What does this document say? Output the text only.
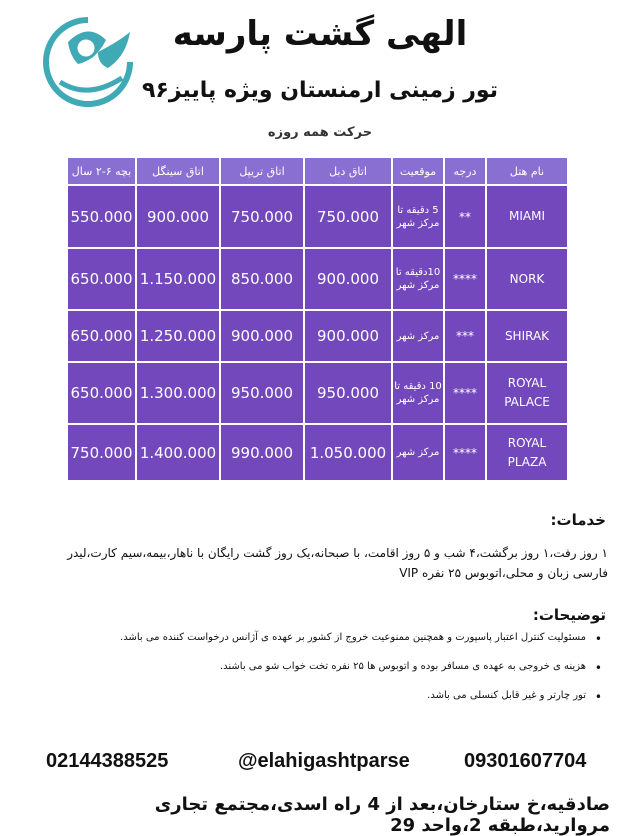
الهی گشت پارسه
تور زمینی ارمنستان ویژه پاییز۹۶
حرکت همه روزه
نام هتل	درجه	موقعیت	اتاق دبل	اتاق تریپل	اتاق سینگل	بچه ۶-۲ سال
MIAMI	**	5 دقیقه تا مرکز شهر	750.000	750.000	900.000	550.000
NORK	****	10دقیقه تا مرکز شهر	900.000	850.000	1.150.000	650.000
SHIRAK	***	مرکز شهر	900.000	900.000	1.250.000	650.000
ROYAL PALACE	****	10 دقیقه تا مرکز شهر	950.000	950.000	1.300.000	650.000
ROYAL PLAZA	****	مرکز شهر	1.050.000	990.000	1.400.000	750.000
خدمات:
۱ روز رفت،۱ روز برگشت،۴ شب و ۵ روز اقامت، با صبحانه،یک روز گشت رایگان با ناهار،بیمه،سیم کارت،لیدر فارسی زبان و محلی،اتوبوس ۲۵ نفره VIP
توضیحات:
• مسئولیت کنترل اعتبار پاسپورت و همچنین ممنوعیت خروج از کشور بر عهده ی آژانس درخواست کننده می باشد.
• هزینه ی خروجی به عهده ی مسافر بوده و اتوبوس ها ۲۵ نفره تخت خواب شو می باشند.
• تور چارتر و غیر قابل کنسلی می باشد.
02144388525	@elahigashtparse	09301607704
صادقیه،خ ستارخان،بعد از 4 راه اسدی،مجتمع تجاری مروارید،طبقه 2،واحد 29
